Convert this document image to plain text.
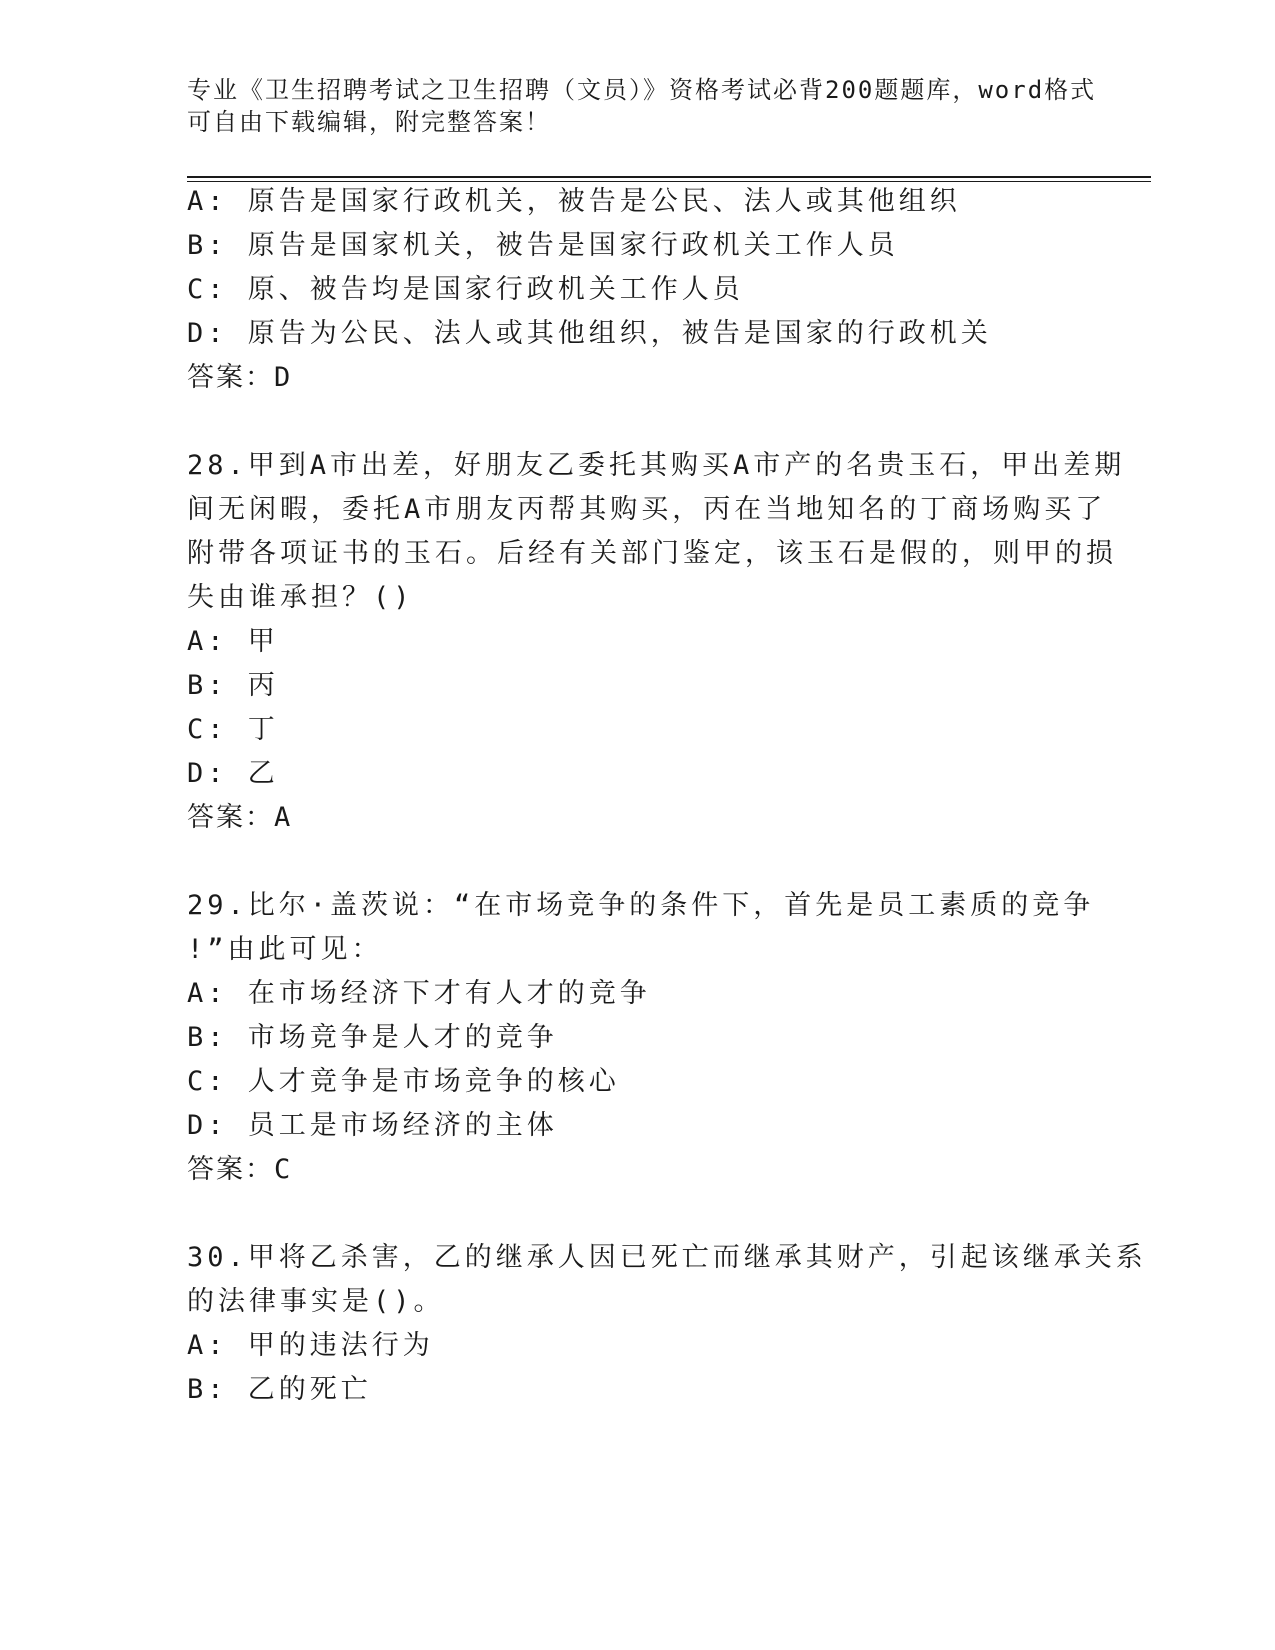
专业《卫生招聘考试之卫生招聘（文员）》资格考试必背200题题库，word格式

可自由下载编辑，附完整答案！

A: 原告是国家行政机关，被告是公民、法人或其他组织

B: 原告是国家机关，被告是国家行政机关工作人员

C: 原、被告均是国家行政机关工作人员

D: 原告为公民、法人或其他组织，被告是国家的行政机关

答案：D

28.甲到A市出差，好朋友乙委托其购买A市产的名贵玉石，甲出差期

间无闲暇，委托A市朋友丙帮其购买，丙在当地知名的丁商场购买了

附带各项证书的玉石。后经有关部门鉴定，该玉石是假的，则甲的损

失由谁承担？()

A: 甲

B: 丙

C: 丁

D: 乙

答案：A

29.比尔·盖茨说：“在市场竞争的条件下，首先是员工素质的竞争

!”由此可见：

A: 在市场经济下才有人才的竞争

B: 市场竞争是人才的竞争

C: 人才竞争是市场竞争的核心

D: 员工是市场经济的主体

答案：C

30.甲将乙杀害，乙的继承人因已死亡而继承其财产，引起该继承关系

的法律事实是()。

A: 甲的违法行为

B: 乙的死亡
